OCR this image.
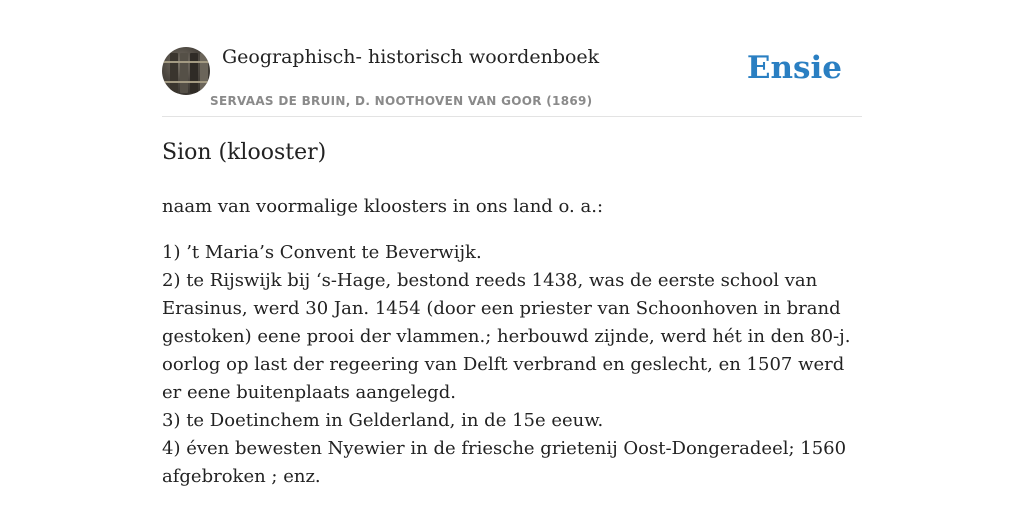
Geographisch- historisch woordenboek
SERVAAS DE BRUIN, D. NOOTHOVEN VAN GOOR (1869)
Ensie
Sion (klooster)

naam van voormalige kloosters in ons land o. a.:

1) ’t Maria’s Convent te Beverwijk.
2) te Rijswijk bij ‘s-Hage, bestond reeds 1438, was de eerste school van Erasinus, werd 30 Jan. 1454 (door een priester van Schoonhoven in brand gestoken) eene prooi der vlammen.; herbouwd zijnde, werd hét in den 80-j. oorlog op last der regeering van Delft verbrand en geslecht, en 1507 werd er eene buitenplaats aangelegd.
3) te Doetinchem in Gelderland, in de 15e eeuw.
4) éven bewesten Nyewier in de friesche grietenij Oost-Dongeradeel; 1560 afgebroken ; enz.
